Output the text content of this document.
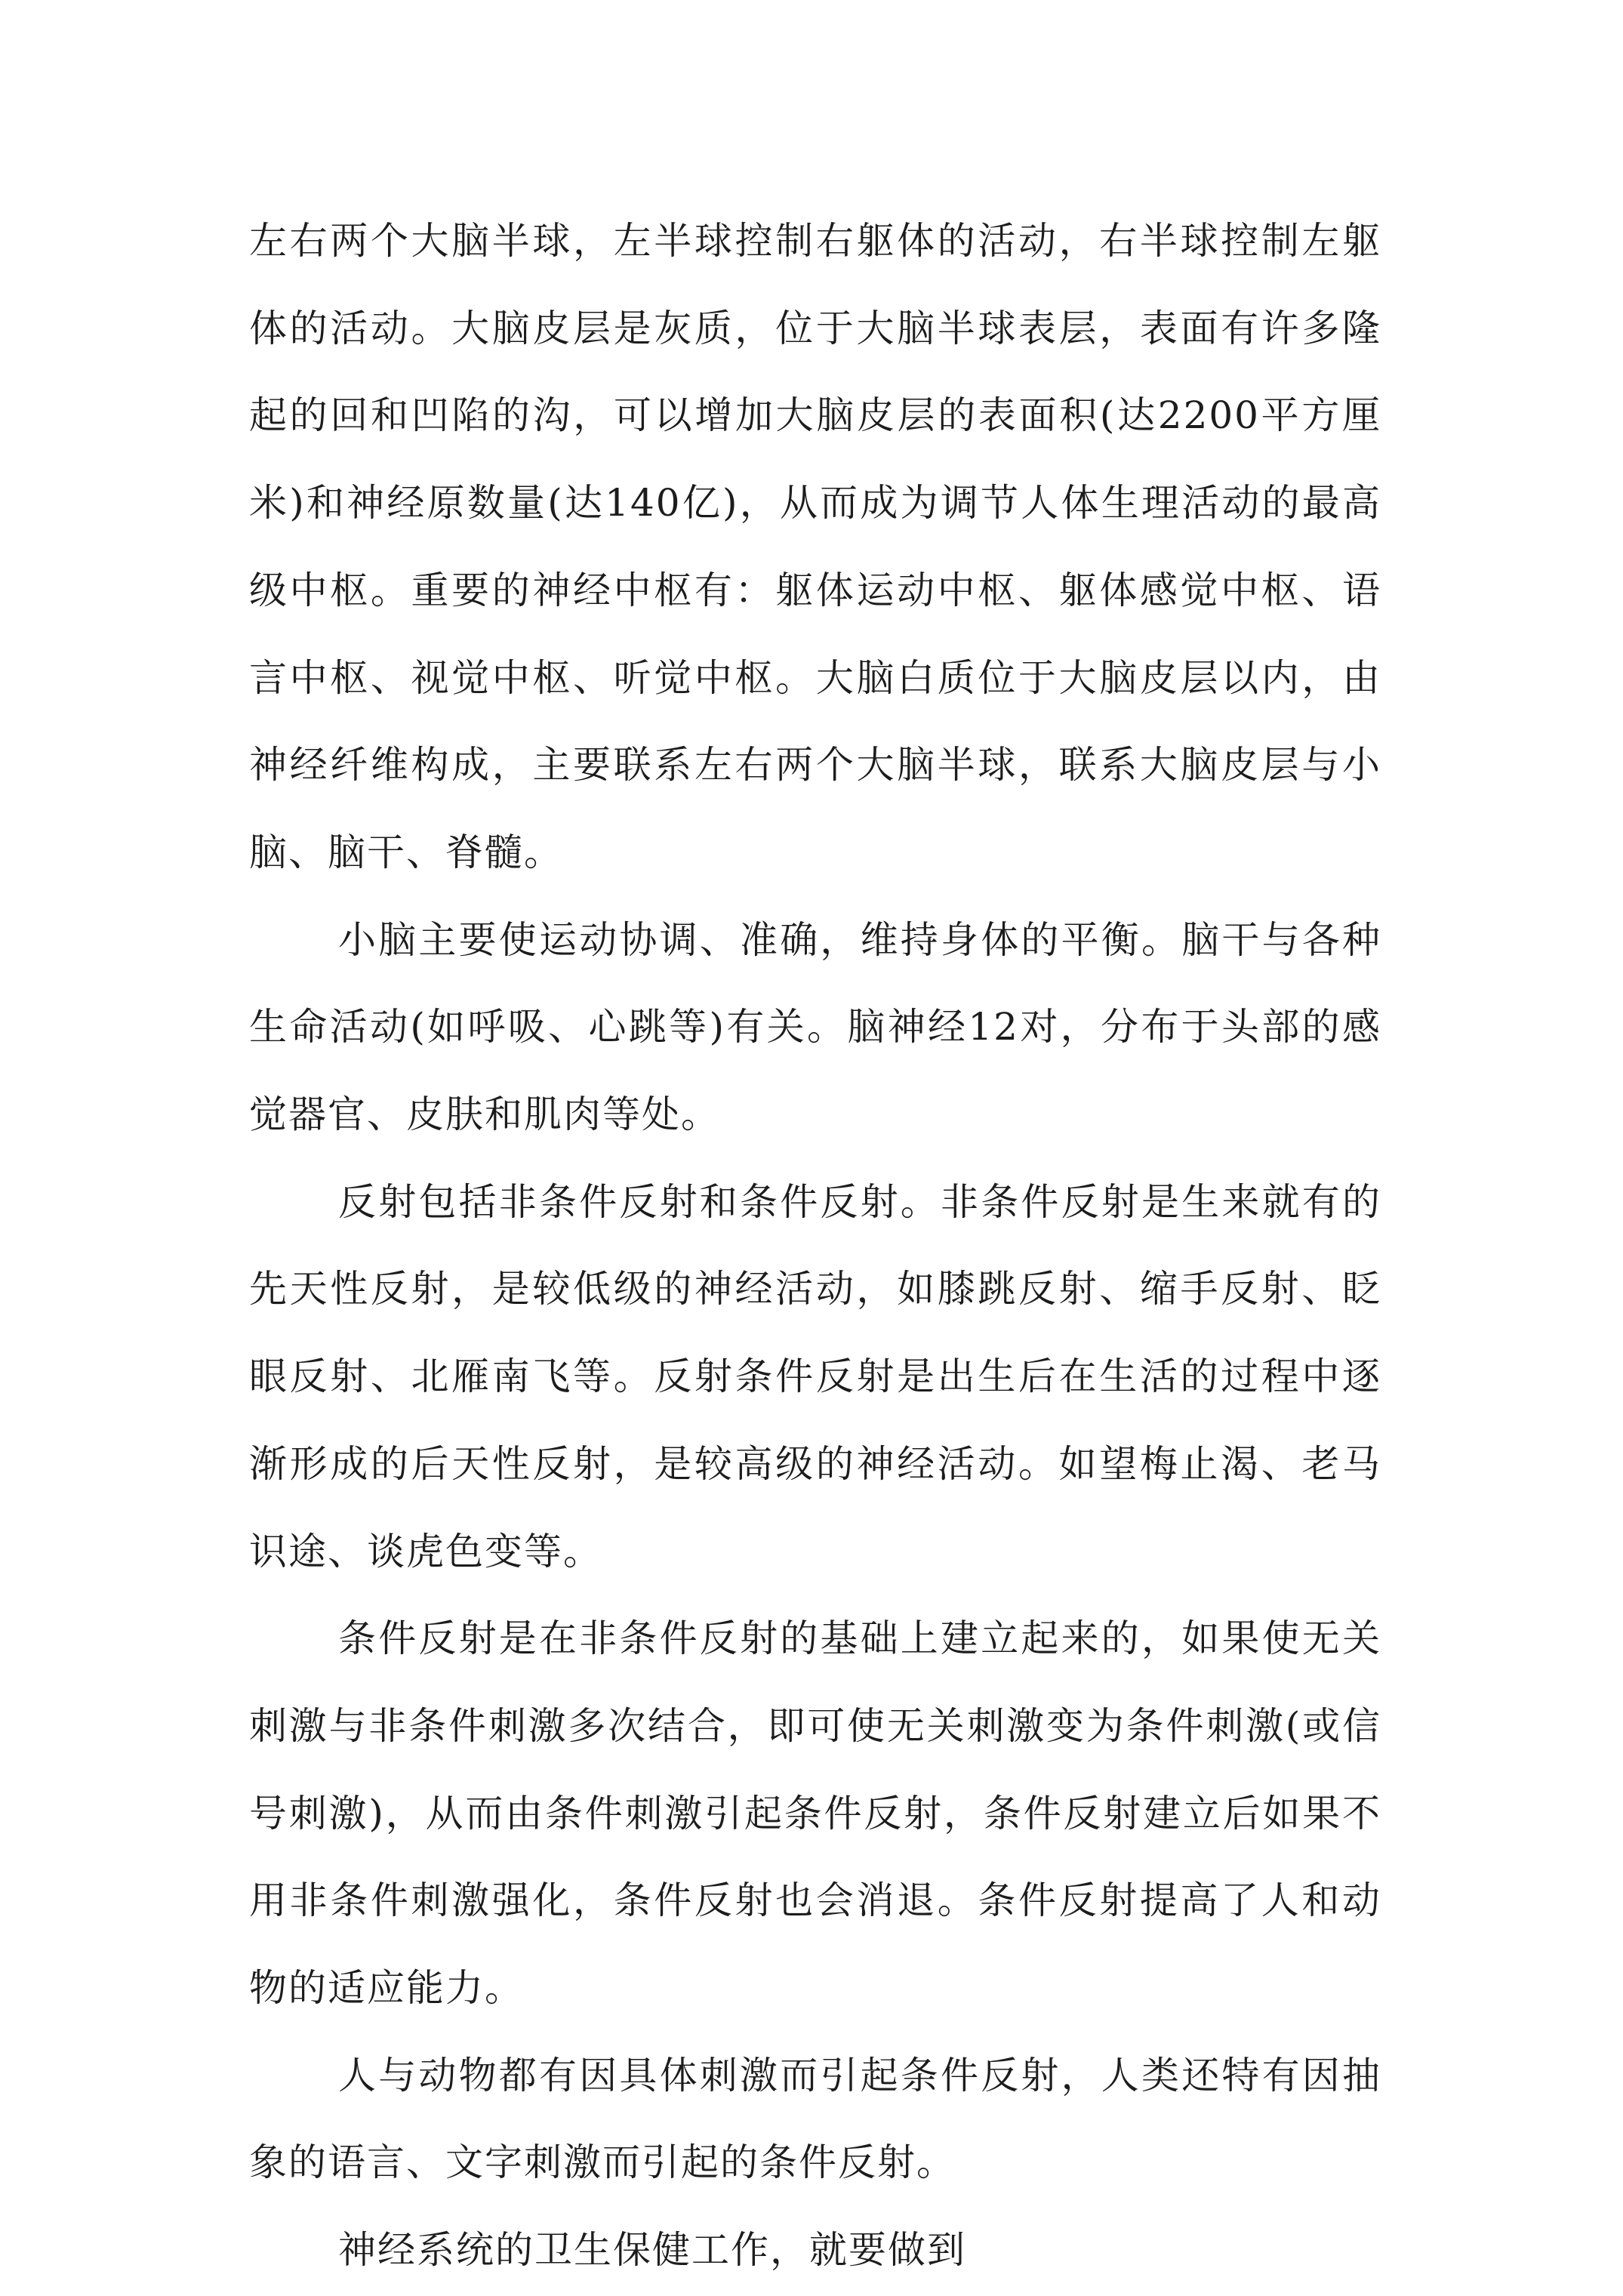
左右两个大脑半球，左半球控制右躯体的活动，右半球控制左躯体的活动。大脑皮层是灰质，位于大脑半球表层，表面有许多隆起的回和凹陷的沟，可以增加大脑皮层的表面积(达2200平方厘米)和神经原数量(达140亿)，从而成为调节人体生理活动的最高级中枢。重要的神经中枢有：躯体运动中枢、躯体感觉中枢、语言中枢、视觉中枢、听觉中枢。大脑白质位于大脑皮层以内，由神经纤维构成，主要联系左右两个大脑半球，联系大脑皮层与小脑、脑干、脊髓。

小脑主要使运动协调、准确，维持身体的平衡。脑干与各种生命活动(如呼吸、心跳等)有关。脑神经12对，分布于头部的感觉器官、皮肤和肌肉等处。

反射包括非条件反射和条件反射。非条件反射是生来就有的先天性反射，是较低级的神经活动，如膝跳反射、缩手反射、眨眼反射、北雁南飞等。反射条件反射是出生后在生活的过程中逐渐形成的后天性反射，是较高级的神经活动。如望梅止渴、老马识途、谈虎色变等。

条件反射是在非条件反射的基础上建立起来的，如果使无关刺激与非条件刺激多次结合，即可使无关刺激变为条件刺激(或信号刺激)，从而由条件刺激引起条件反射，条件反射建立后如果不用非条件刺激强化，条件反射也会消退。条件反射提高了人和动物的适应能力。

人与动物都有因具体刺激而引起条件反射，人类还特有因抽象的语言、文字刺激而引起的条件反射。

神经系统的卫生保健工作，就要做到
